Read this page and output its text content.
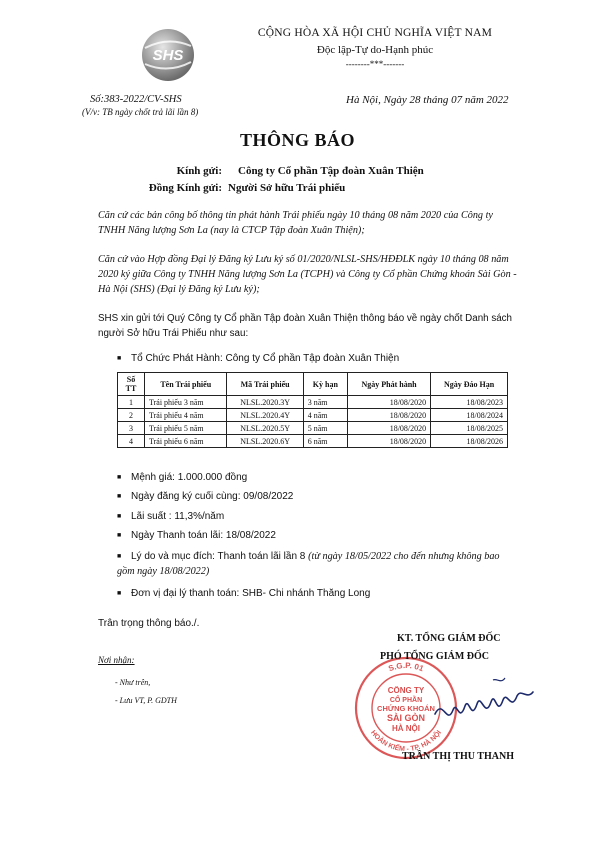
SHS
CỘNG HÒA XÃ HỘI CHỦ NGHĨA VIỆT NAM
Độc lập-Tự do-Hạnh phúc
--------***-------
Số:383-2022/CV-SHS
(V/v: TB ngày chốt trả lãi lần 8)
Hà Nội, Ngày 28 tháng 07 năm 2022
THÔNG BÁO
Kính gửi: Công ty Cổ phần Tập đoàn Xuân Thiện
Đồng Kính gửi: Người Sở hữu Trái phiếu
Căn cứ các bản công bố thông tin phát hành Trái phiếu ngày 10 tháng 08 năm 2020 của Công ty TNHH Năng lượng Sơn La (nay là CTCP Tập đoàn Xuân Thiện);
Căn cứ vào Hợp đồng Đại lý Đăng ký Lưu ký số 01/2020/NLSL-SHS/HĐĐLK ngày 10 tháng 08 năm 2020 ký giữa Công ty TNHH Năng lượng Sơn La (TCPH) và Công ty Cổ phần Chứng khoán Sài Gòn - Hà Nội (SHS) (Đại lý Đăng ký Lưu ký);
SHS xin gửi tới Quý Công ty Cổ phần Tập đoàn Xuân Thiện thông báo về ngày chốt Danh sách người Sở hữu Trái Phiếu như sau:
■ Tổ Chức Phát Hành: Công ty Cổ phần Tập đoàn Xuân Thiện
Số TT	Tên Trái phiếu	Mã Trái phiếu	Kỳ hạn	Ngày Phát hành	Ngày Đáo Hạn
1	Trái phiếu 3 năm	NLSL.2020.3Y	3 năm	18/08/2020	18/08/2023
2	Trái phiếu 4 năm	NLSL.2020.4Y	4 năm	18/08/2020	18/08/2024
3	Trái phiếu 5 năm	NLSL.2020.5Y	5 năm	18/08/2020	18/08/2025
4	Trái phiếu 6 năm	NLSL.2020.6Y	6 năm	18/08/2020	18/08/2026
■ Mệnh giá: 1.000.000 đồng
■ Ngày đăng ký cuối cùng: 09/08/2022
■ Lãi suất : 11,3%/năm
■ Ngày Thanh toán lãi: 18/08/2022
■ Lý do và mục đích: Thanh toán lãi lần 8 (từ ngày 18/05/2022 cho đến nhưng không bao gồm ngày 18/08/2022)
■ Đơn vị đại lý thanh toán: SHB- Chi nhánh Thăng Long
Trân trọng thông báo./.
Nơi nhận:
- Như trên,
- Lưu VT, P. GDTH
S.G.P. 01
HOÀN KIẾM - TP. HÀ NỘI
CÔNG TY
CỔ PHẦN
CHỨNG KHOÁN
SÀI GÒN
HÀ NỘI
KT. TỔNG GIÁM ĐỐC
PHÓ TỔNG GIÁM ĐỐC
TRẦN THỊ THU THANH
